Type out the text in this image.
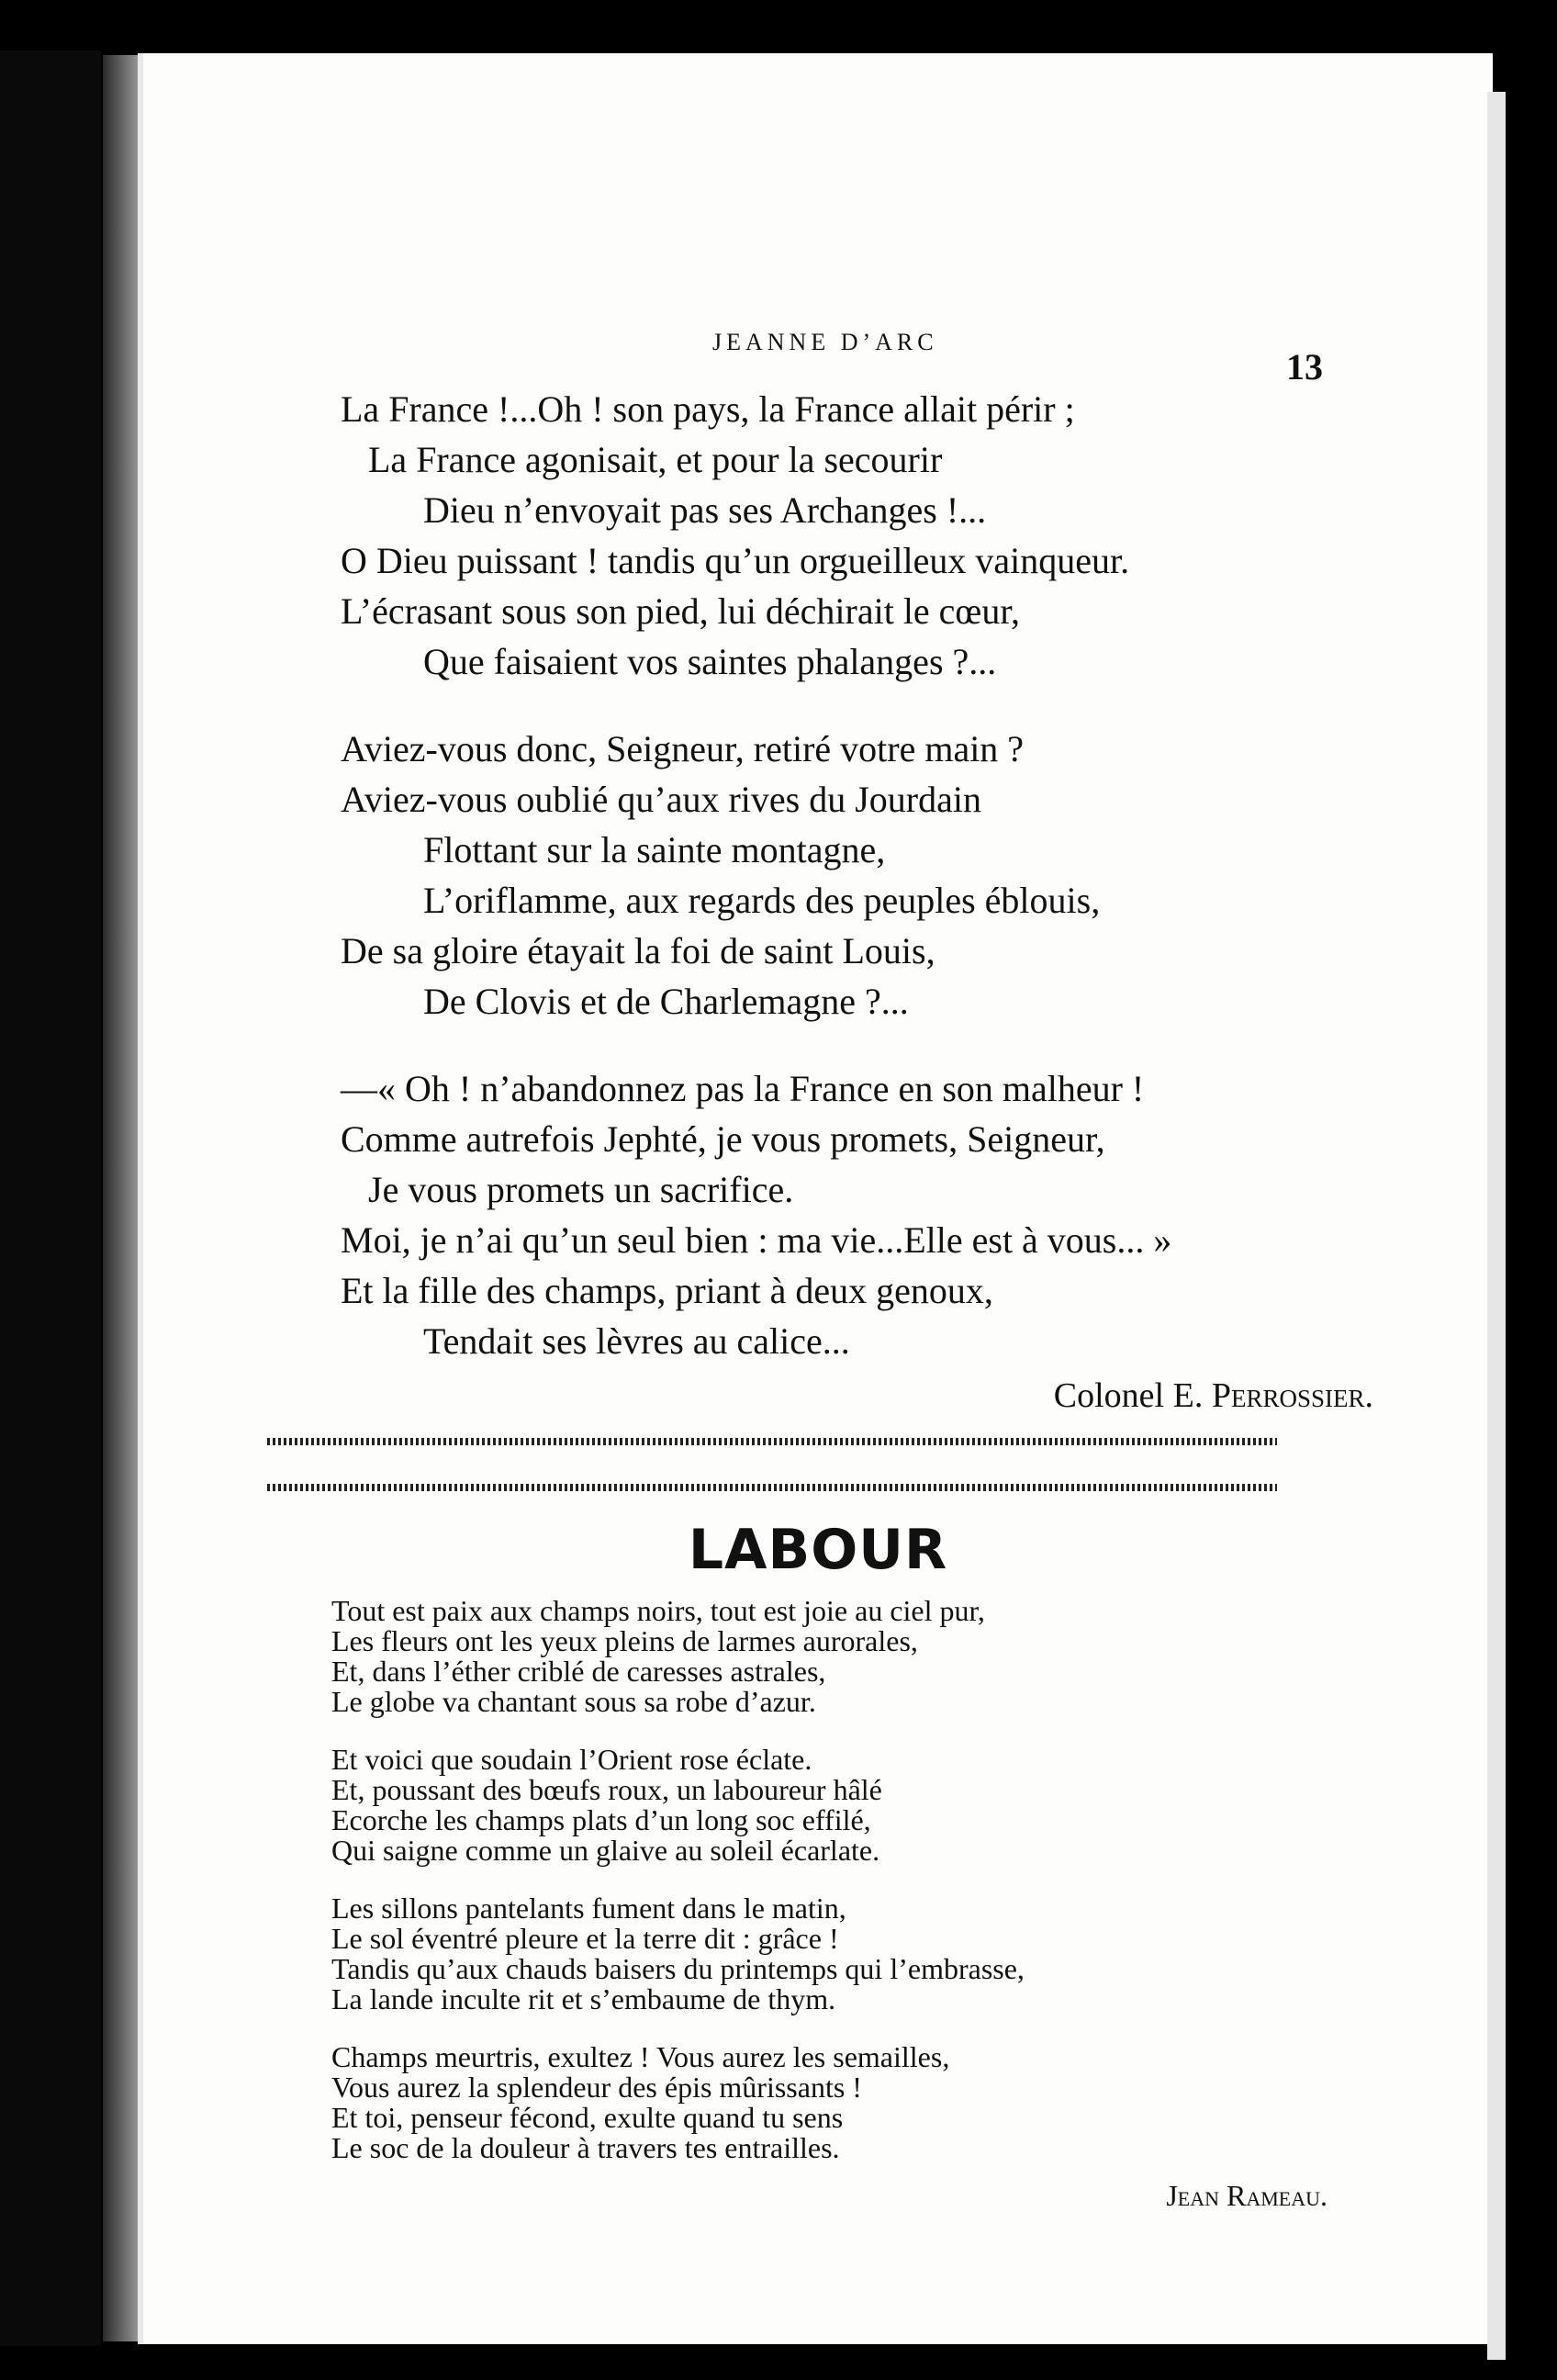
JEANNE D’ARC
13
La France !...Oh ! son pays, la France allait périr ;
La France agonisait, et pour la secourir
Dieu n’envoyait pas ses Archanges !...
O Dieu puissant ! tandis qu’un orgueilleux vainqueur.
L’écrasant sous son pied, lui déchirait le cœur,
Que faisaient vos saintes phalanges ?...
Aviez-vous donc, Seigneur, retiré votre main ?
Aviez-vous oublié qu’aux rives du Jourdain
Flottant sur la sainte montagne,
L’oriflamme, aux regards des peuples éblouis,
De sa gloire étayait la foi de saint Louis,
De Clovis et de Charlemagne ?...
—« Oh ! n’abandonnez pas la France en son malheur !
Comme autrefois Jephté, je vous promets, Seigneur,
Je vous promets un sacrifice.
Moi, je n’ai qu’un seul bien : ma vie...Elle est à vous... »
Et la fille des champs, priant à deux genoux,
Tendait ses lèvres au calice...
Colonel E. Perrossier.
LABOUR
Tout est paix aux champs noirs, tout est joie au ciel pur,
Les fleurs ont les yeux pleins de larmes aurorales,
Et, dans l’éther criblé de caresses astrales,
Le globe va chantant sous sa robe d’azur.
Et voici que soudain l’Orient rose éclate.
Et, poussant des bœufs roux, un laboureur hâlé
Ecorche les champs plats d’un long soc effilé,
Qui saigne comme un glaive au soleil écarlate.
Les sillons pantelants fument dans le matin,
Le sol éventré pleure et la terre dit : grâce !
Tandis qu’aux chauds baisers du printemps qui l’embrasse,
La lande inculte rit et s’embaume de thym.
Champs meurtris, exultez ! Vous aurez les semailles,
Vous aurez la splendeur des épis mûrissants !
Et toi, penseur fécond, exulte quand tu sens
Le soc de la douleur à travers tes entrailles.
Jean Rameau.
